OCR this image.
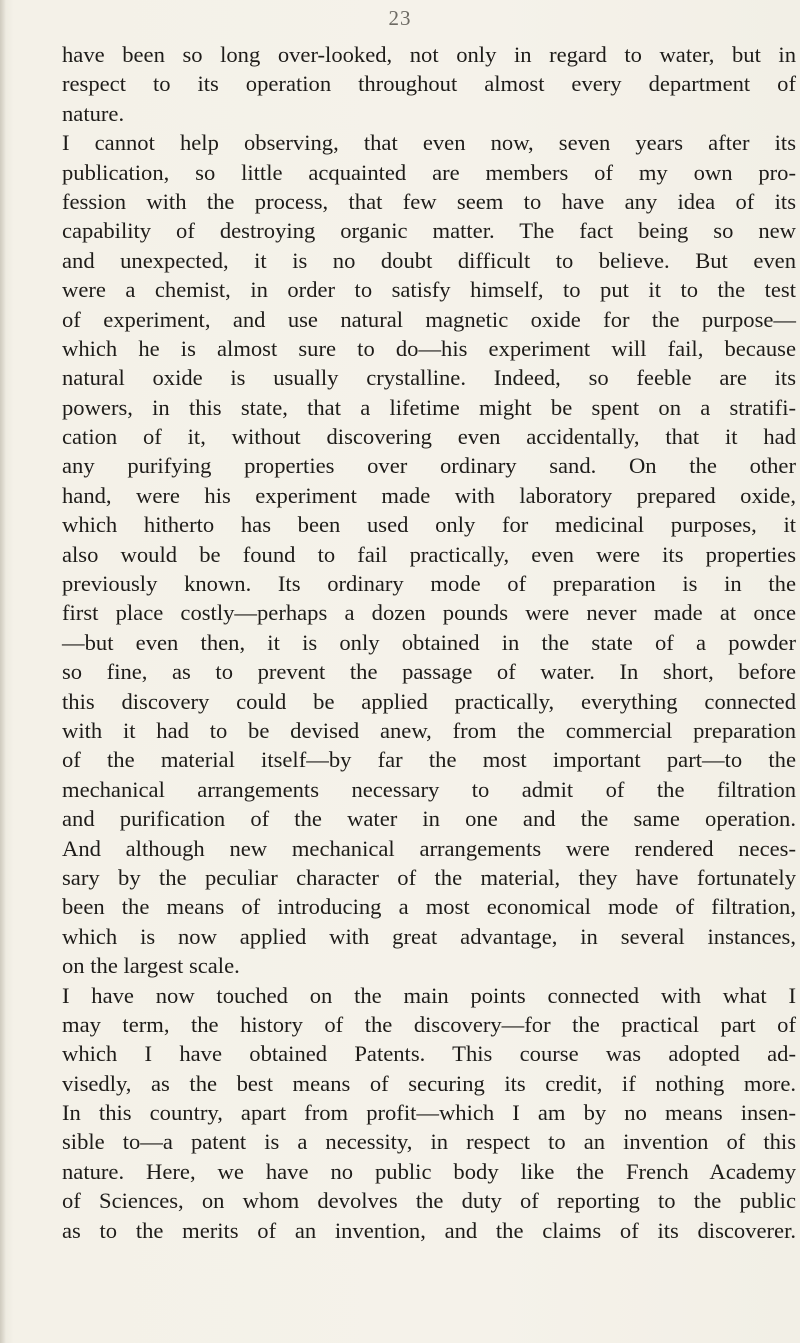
23
have been so long over-looked, not only in regard to water, but in
respect to its operation throughout almost every department of
nature.
I cannot help observing, that even now, seven years after its
publication, so little acquainted are members of my own pro-
fession with the process, that few seem to have any idea of its
capability of destroying organic matter. The fact being so new
and unexpected, it is no doubt difficult to believe. But even
were a chemist, in order to satisfy himself, to put it to the test
of experiment, and use natural magnetic oxide for the purpose—
which he is almost sure to do—his experiment will fail, because
natural oxide is usually crystalline. Indeed, so feeble are its
powers, in this state, that a lifetime might be spent on a stratifi-
cation of it, without discovering even accidentally, that it had
any purifying properties over ordinary sand. On the other
hand, were his experiment made with laboratory prepared oxide,
which hitherto has been used only for medicinal purposes, it
also would be found to fail practically, even were its properties
previously known. Its ordinary mode of preparation is in the
first place costly—perhaps a dozen pounds were never made at once
—but even then, it is only obtained in the state of a powder
so fine, as to prevent the passage of water. In short, before
this discovery could be applied practically, everything connected
with it had to be devised anew, from the commercial preparation
of the material itself—by far the most important part—to the
mechanical arrangements necessary to admit of the filtration
and purification of the water in one and the same operation.
And although new mechanical arrangements were rendered neces-
sary by the peculiar character of the material, they have fortunately
been the means of introducing a most economical mode of filtration,
which is now applied with great advantage, in several instances,
on the largest scale.
I have now touched on the main points connected with what I
may term, the history of the discovery—for the practical part of
which I have obtained Patents. This course was adopted ad-
visedly, as the best means of securing its credit, if nothing more.
In this country, apart from profit—which I am by no means insen-
sible to—a patent is a necessity, in respect to an invention of this
nature. Here, we have no public body like the French Academy
of Sciences, on whom devolves the duty of reporting to the public
as to the merits of an invention, and the claims of its discoverer.
